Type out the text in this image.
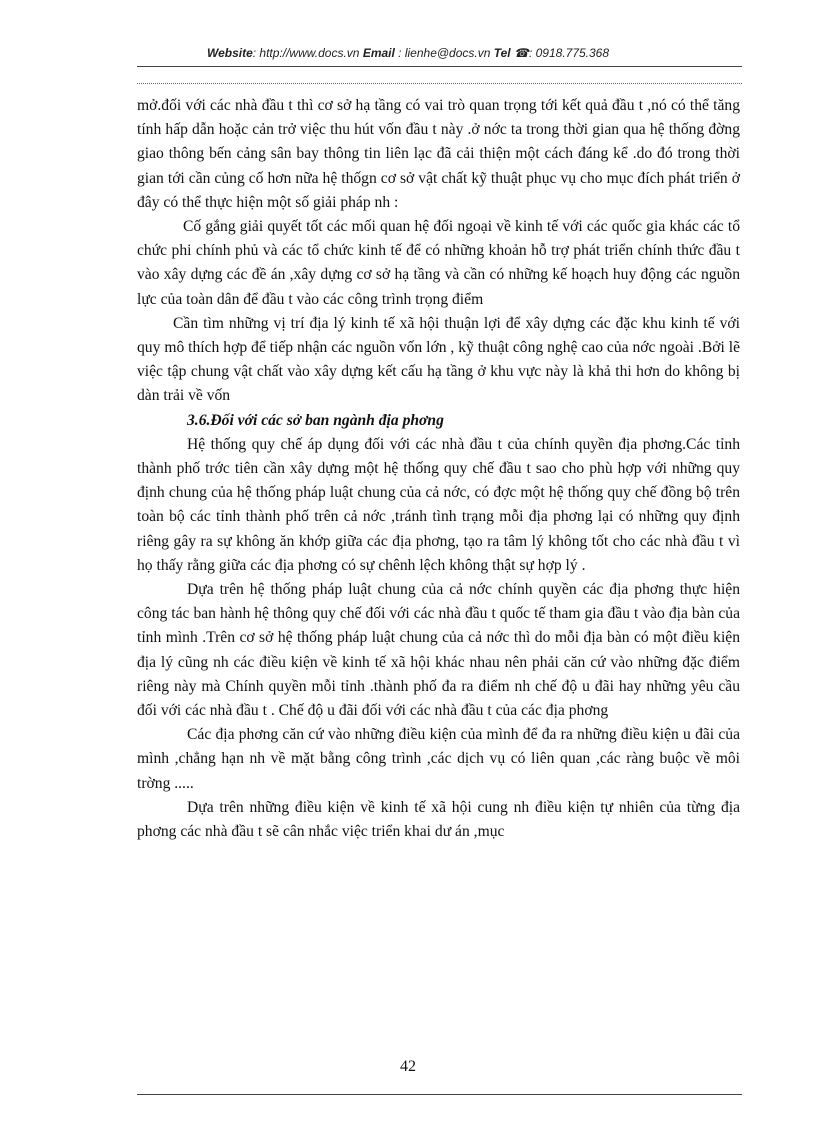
Website: http://www.docs.vn Email : lienhe@docs.vn Tel ☎: 0918.775.368

mở.đối với các nhà đầu t thì cơ sở hạ tầng có vai trò quan trọng tới kết quả đầu t ,nó có thể tăng tính hấp dẫn hoặc cản trở việc thu hút vốn đầu t này .ở nớc ta trong thời gian qua hệ thống đờng giao thông bến cảng sân bay thông tin liên lạc đã cải thiện một cách đáng kể .do đó trong thời gian tới cần củng cố hơn nữa hệ thốgn cơ sở vật chất kỹ thuật phục vụ cho mục đích phát triển ở đây có thể thực hiện một số giải pháp nh :

Cố gắng giải quyết tốt các mối quan hệ đối ngoại về kinh tế với các quốc gia khác các tổ chức phi chính phủ và các tổ chức kinh tế để có những khoản hỗ trợ phát triển chính thức đầu t vào xây dựng các đề án ,xây dựng cơ sở hạ tầng và cần có những kế hoạch huy động các nguồn lực của toàn dân để đầu t vào các công trình trọng điểm

Cần tìm những vị trí địa lý kinh tế xã hội thuận lợi để xây dựng các đặc khu kinh tế với quy mô thích hợp để tiếp nhận các nguồn vốn lớn , kỹ thuật công nghệ cao của nớc ngoài .Bởi lẽ việc tập chung vật chất vào xây dựng kết cấu hạ tầng ở khu vực này là khả thi hơn do không bị dàn trải về vốn

3.6.Đối với các sở ban ngành địa phơng

Hệ thống quy chế áp dụng đối với các nhà đầu t của chính quyền địa phơng.Các tỉnh thành phố trớc tiên cần xây dựng một hệ thống quy chế đầu t sao cho phù hợp với những quy định chung của hệ thống pháp luật chung của cả nớc, có đợc một hệ thống quy chế đồng bộ trên toàn bộ các tỉnh thành phố trên cả nớc ,tránh tình trạng mỗi địa phơng lại có những quy định riêng gây ra sự không ăn khớp giữa các địa phơng, tạo ra tâm lý không tốt cho các nhà đầu t vì họ thấy rằng giữa các địa phơng có sự chênh lệch không thật sự hợp lý .

Dựa trên hệ thống pháp luật chung của cả nớc chính quyền các địa phơng thực hiện công tác ban hành hệ thông quy chế đối với các nhà đầu t quốc tế tham gia đầu t vào địa bàn của tỉnh mình .Trên cơ sở hệ thống pháp luật chung của cả nớc thì do mỗi địa bàn có một điều kiện địa lý cũng nh các điều kiện về kinh tế xã hội khác nhau nên phải căn cứ vào những đặc điểm riêng này mà Chính quyền mỗi tỉnh .thành phố đa ra điểm nh chế độ u đãi hay những yêu cầu đối với các nhà đầu t . Chế độ u đãi đối với các nhà đầu t của các địa phơng

Các địa phơng căn cứ vào những điều kiện của mình để đa ra những điều kiện u đãi của mình ,chẳng hạn nh về mặt bằng công trình ,các dịch vụ có liên quan ,các ràng buộc về môi trờng .....

Dựa trên những điều kiện về kinh tế xã hội cung nh điều kiện tự nhiên của từng địa phơng các nhà đầu t sẽ cân nhắc việc triển khai dư án ,mục

42
